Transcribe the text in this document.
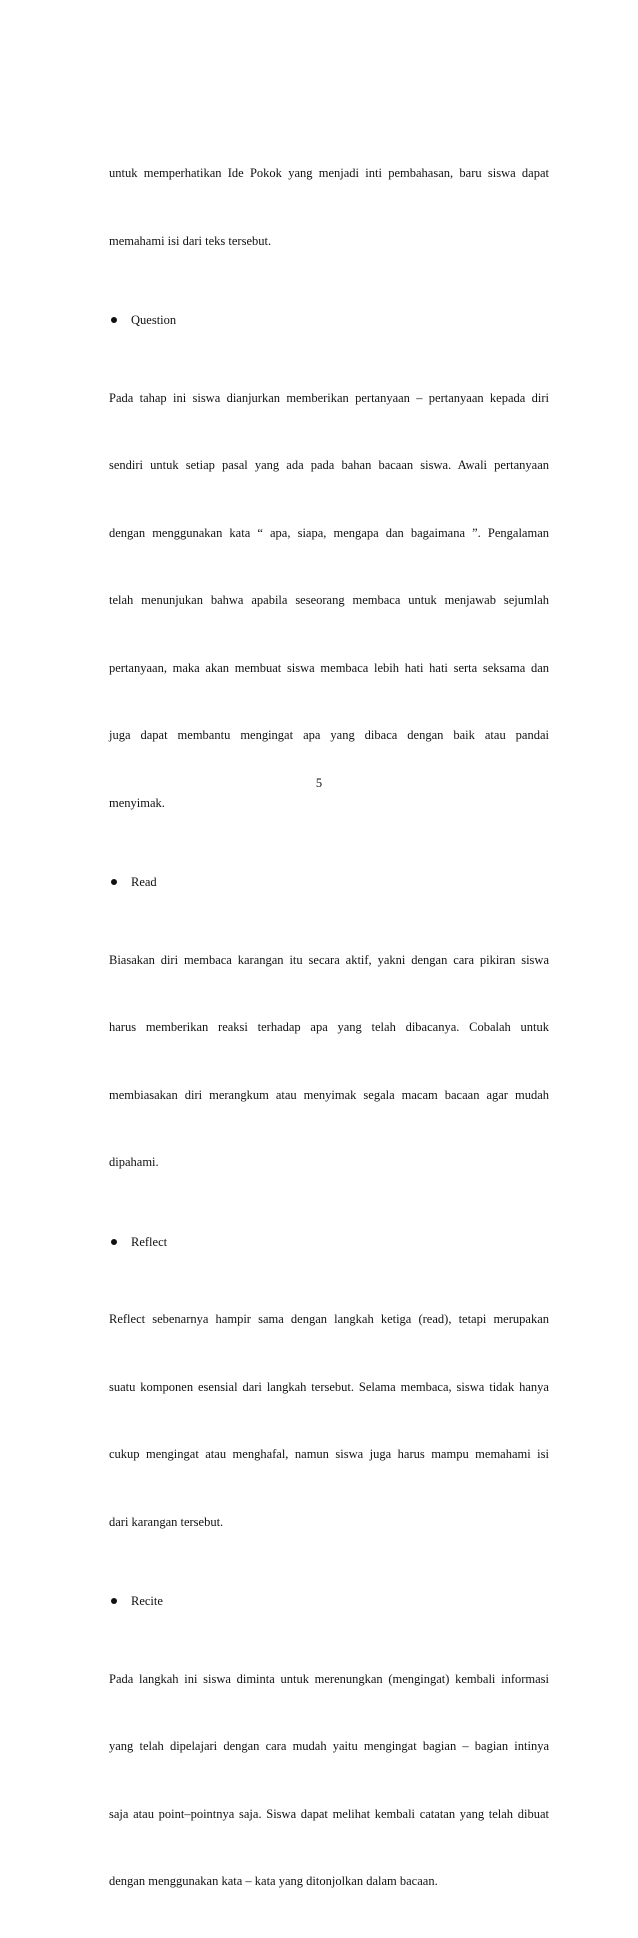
untuk memperhatikan Ide Pokok yang menjadi inti pembahasan, baru siswa dapat

memahami isi dari teks tersebut.

Question

Pada tahap ini siswa dianjurkan memberikan pertanyaan – pertanyaan kepada diri

sendiri untuk setiap pasal yang ada pada bahan bacaan siswa. Awali pertanyaan

dengan menggunakan kata “ apa, siapa, mengapa dan bagaimana ”. Pengalaman

telah menunjukan bahwa apabila seseorang membaca untuk menjawab sejumlah

pertanyaan, maka akan membuat siswa membaca lebih hati hati serta seksama dan

juga dapat membantu mengingat apa yang dibaca dengan baik atau pandai

menyimak.

Read

Biasakan diri membaca karangan itu secara aktif, yakni dengan cara pikiran siswa

harus memberikan reaksi terhadap apa yang telah dibacanya. Cobalah untuk

membiasakan diri merangkum atau menyimak segala macam bacaan agar mudah

dipahami.

Reflect

Reflect sebenarnya hampir sama dengan langkah ketiga (read), tetapi merupakan

suatu komponen esensial dari langkah tersebut. Selama membaca, siswa tidak hanya

cukup mengingat atau menghafal, namun siswa juga harus mampu memahami isi

dari karangan tersebut.

Recite

Pada langkah ini siswa diminta untuk merenungkan (mengingat) kembali informasi

yang telah dipelajari dengan cara mudah yaitu mengingat bagian – bagian intinya

saja atau point–pointnya saja. Siswa dapat melihat kembali catatan yang telah dibuat

dengan menggunakan kata – kata yang ditonjolkan dalam bacaan.

5
